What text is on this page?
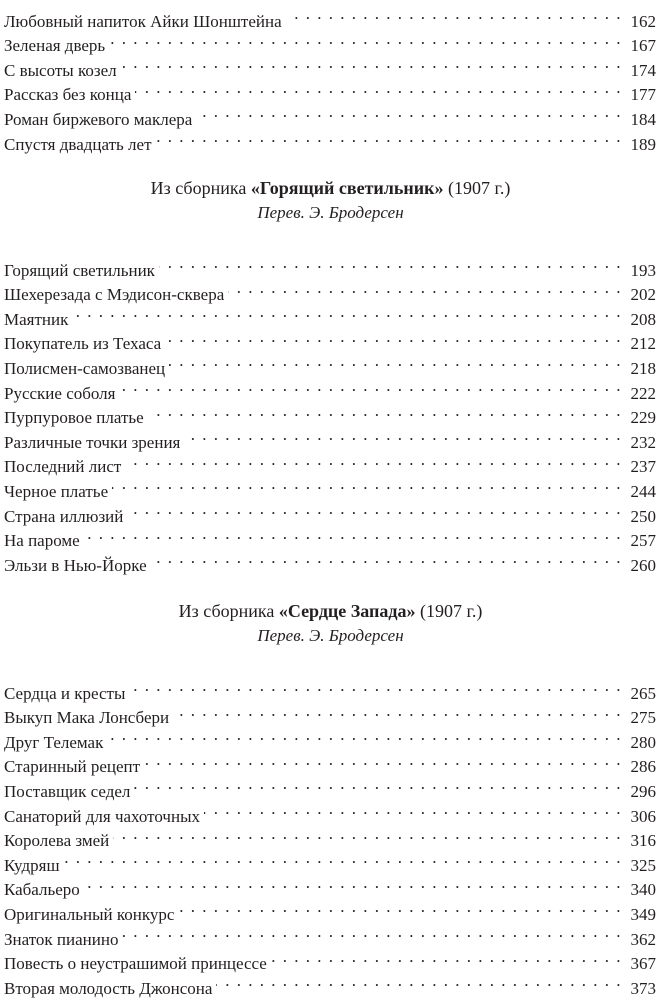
Любовный напиток Айки Шонштейна . . .	162
Зеленая дверь . . .	167
С высоты козел . . .	174
Рассказ без конца . . .	177
Роман биржевого маклера . . .	184
Спустя двадцать лет . . .	189
Из сборника «Горящий светильник» (1907 г.)
Перев. Э. Бродерсен
Горящий светильник . . .	193
Шехерезада с Мэдисон-сквера . . .	202
Маятник . . .	208
Покупатель из Техаса . . .	212
Полисмен-самозванец . . .	218
Русские соболя . . .	222
Пурпуровое платье . . .	229
Различные точки зрения . . .	232
Последний лист . . .	237
Черное платье . . .	244
Страна иллюзий . . .	250
На пароме . . .	257
Эльзи в Нью-Йорке . . .	260
Из сборника «Сердце Запада» (1907 г.)
Перев. Э. Бродерсен
Сердца и кресты . . .	265
Выкуп Мака Лонсбери . . .	275
Друг Телемак . . .	280
Старинный рецепт . . .	286
Поставщик седел . . .	296
Санаторий для чахоточных . . .	306
Королева змей . . .	316
Кудряш . . .	325
Кабальеро . . .	340
Оригинальный конкурс . . .	349
Знаток пианино . . .	362
Повесть о неустрашимой принцессе . . .	367
Вторая молодость Джонсона . . .	373
